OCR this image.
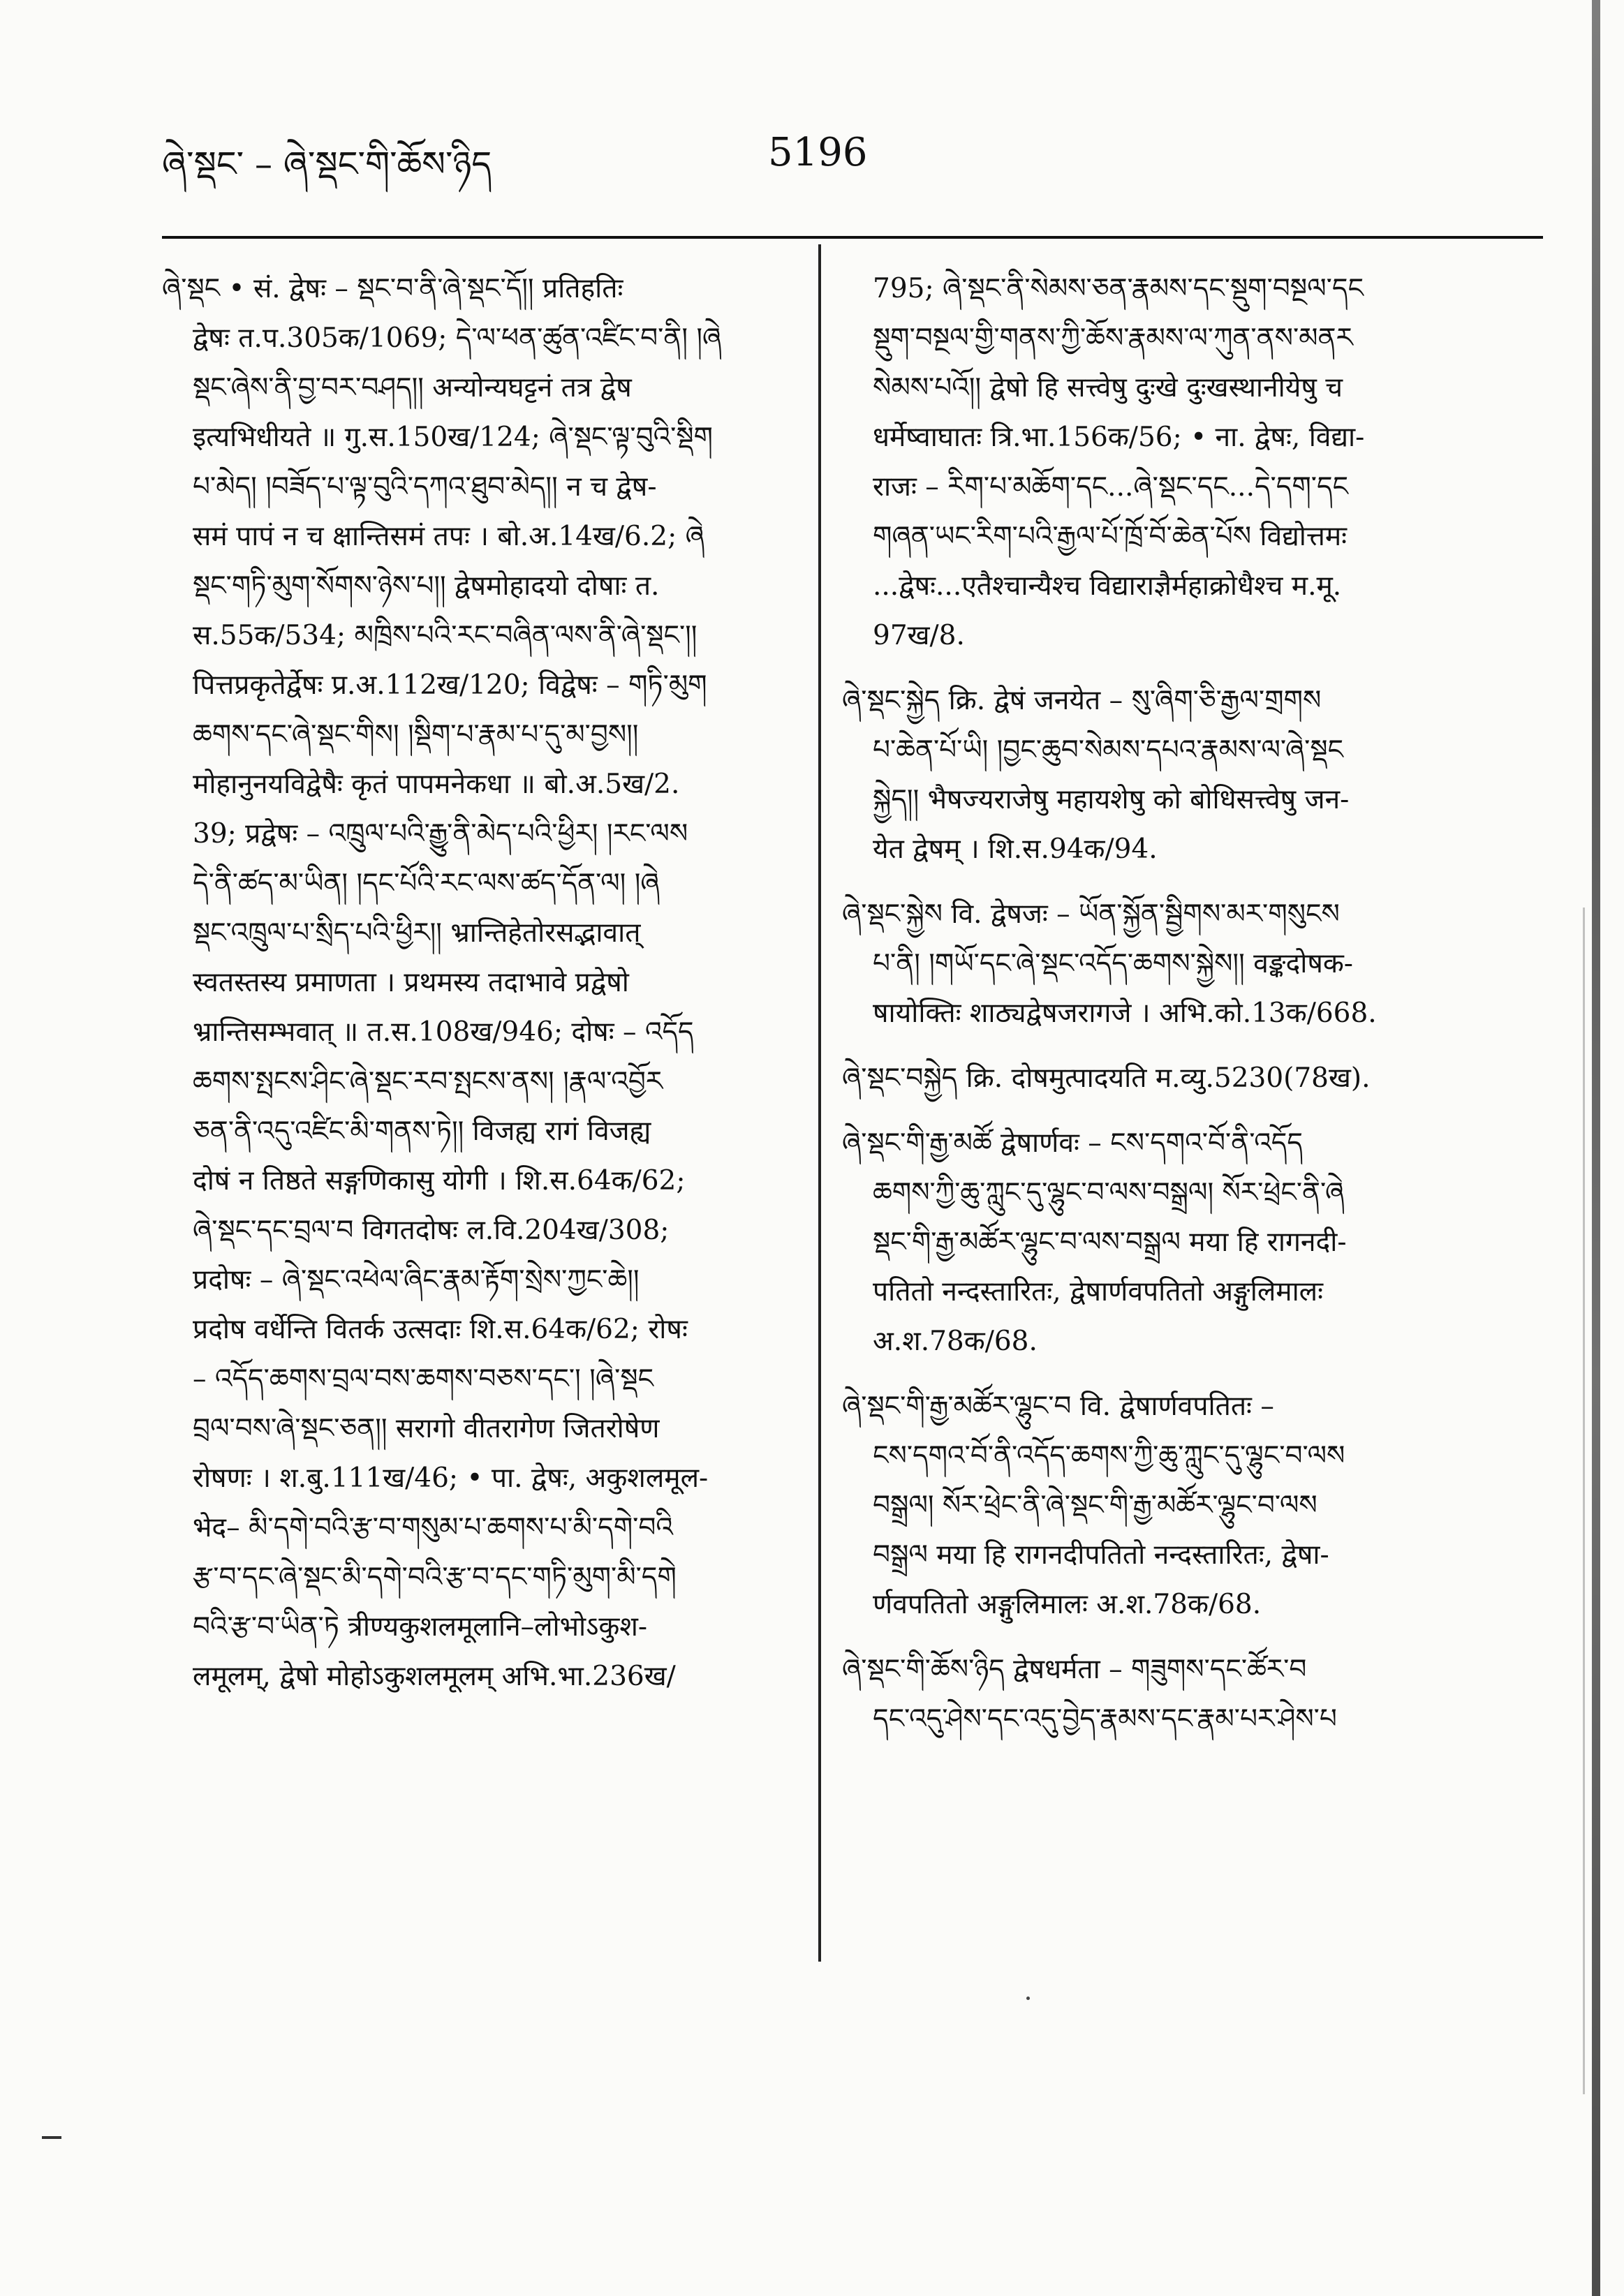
ཞེ་སྡང་ – ཞེ་སྡང་གི་ཆོས་ཉིད	5196
ཞེ་སྡང • सं. द्वेषः – སྡང་བ་ནི་ཞེ་སྡང་དོ།། प्रतिहतिः
द्वेषः त.प.305क/1069; དེ་ལ་ཕན་ཚུན་འཛིང་བ་ནི། །ཞེ
སྡང་ཞེས་ནི་བྱ་བར་བཤད།། अन्योन्यघट्टनं तत्र द्वेष
इत्यभिधीयते ॥ गु.स.150ख/124; ཞེ་སྡང་ལྟ་བུའི་སྡིག
པ་མེད། །བཟོད་པ་ལྟ་བུའི་དཀའ་ཐུབ་མེད།། न च द्वेष-
समं पापं न च क्षान्तिसमं तपः । बो.अ.14ख/6.2; ཞེ
སྡང་གཏི་མུག་སོགས་ཉེས་པ།། द्वेषमोहादयो दोषाः त.
स.55क/534; མཁྲིས་པའི་རང་བཞིན་ལས་ནི་ཞེ་སྡང་།།
पित्तप्रकृतेर्द्वेषः प्र.अ.112ख/120; विद्वेषः – གཏི་མུག
ཆགས་དང་ཞེ་སྡང་གིས། །སྡིག་པ་རྣམ་པ་དུ་མ་བྱས།།
मोहानुनयविद्वेषैः कृतं पापमनेकधा ॥ बो.अ.5ख/2.
39; प्रद्वेषः – འཁྲུལ་པའི་རྒྱུ་ནི་མེད་པའི་ཕྱིར། །རང་ལས
དེ་ནི་ཚད་མ་ཡིན། །དང་པོའི་རང་ལས་ཚད་དོན་ལ། །ཞེ
སྡང་འཁྲུལ་པ་སྲིད་པའི་ཕྱིར།། भ्रान्तिहेतोरसद्भावात्
स्वतस्तस्य प्रमाणता । प्रथमस्य तदाभावे प्रद्वेषो
भ्रान्तिसम्भवात् ॥ त.स.108ख/946; दोषः – འདོད
ཆགས་སྤངས་ཤིང་ཞེ་སྡང་རབ་སྤངས་ནས། །རྣལ་འབྱོར
ཅན་ནི་འདུ་འཛིང་མི་གནས་ཏེ།། विजह्य रागं विजह्य
दोषं न तिष्ठते सङ्गणिकासु योगी । शि.स.64क/62;
ཞེ་སྡང་དང་བྲལ་བ विगतदोषः ल.वि.204ख/308;
प्रदोषः – ཞེ་སྡང་འཕེལ་ཞིང་རྣམ་རྟོག་སྲེས་ཀྱང་ཆེ།།
प्रदोष वर्धेन्ति वितर्क उत्सदाः शि.स.64क/62; रोषः
– འདོད་ཆགས་བྲལ་བས་ཆགས་བཅས་དང་། །ཞེ་སྡང
བྲལ་བས་ཞེ་སྡང་ཅན།། सरागो वीतरागेण जितरोषेण
रोषणः । श.बु.111ख/46; • पा. द्वेषः, अकुशलमूल-
भेद– མི་དགེ་བའི་རྩ་བ་གསུམ་པ་ཆགས་པ་མི་དགེ་བའི
རྩ་བ་དང་ཞེ་སྡང་མི་དགེ་བའི་རྩ་བ་དང་གཏི་མུག་མི་དགེ
བའི་རྩ་བ་ཡིན་ཏེ त्रीण्यकुशलमूलानि–लोभोऽकुश-
लमूलम्, द्वेषो मोहोऽकुशलमूलम् अभि.भा.236ख/
795; ཞེ་སྡང་ནི་སེམས་ཅན་རྣམས་དང་སྡུག་བསྔལ་དང
སྡུག་བསྔལ་གྱི་གནས་ཀྱི་ཆོས་རྣམས་ལ་ཀུན་ནས་མནར
སེམས་པའོ།། द्वेषो हि सत्त्वेषु दुःखे दुःखस्थानीयेषु च
धर्मेष्वाघातः त्रि.भा.156क/56; • ना. द्वेषः, विद्या-
राजः – རིག་པ་མཆོག་དང...ཞེ་སྡང་དང...དེ་དག་དང
གཞན་ཡང་རིག་པའི་རྒྱལ་པོ་ཁྲོ་བོ་ཆེན་པོས विद्योत्तमः
...द्वेषः...एतैश्चान्यैश्च विद्याराज्ञैर्महाक्रोधैश्च म.मू.
97ख/8.
ཞེ་སྡང་སྐྱེད क्रि. द्वेषं जनयेत – སུ་ཞིག་ཅི་རྒྱལ་གྲགས
པ་ཆེན་པོ་ཡི། །བྱང་ཆུབ་སེམས་དཔའ་རྣམས་ལ་ཞེ་སྡང
སྐྱེད།། भैषज्यराजेषु महायशेषु को बोधिसत्त्वेषु जन-
येत द्वेषम् । शि.स.94क/94.
ཞེ་སྡང་སྐྱེས वि. द्वेषजः – ཡོན་སྐྱོན་སྦྱིགས་མར་གསུངས
པ་ནི། །གཡོ་དང་ཞེ་སྡང་འདོད་ཆགས་སྐྱེས།། वङ्कदोषक-
षायोक्तिः शाठ्यद्वेषजरागजे । अभि.को.13क/668.
ཞེ་སྡང་བསྐྱེད क्रि. दोषमुत्पादयति म.व्यु.5230(78ख).
ཞེ་སྡང་གི་རྒྱ་མཚོ द्वेषार्णवः – ངས་དགའ་བོ་ནི་འདོད
ཆགས་ཀྱི་ཆུ་ཀླུང་དུ་ལྷུང་བ་ལས་བསྒྲལ། སོར་ཕྲེང་ནི་ཞེ
སྡང་གི་རྒྱ་མཚོར་ལྷུང་བ་ལས་བསྒྲལ मया हि रागनदी-
पतितो नन्दस्तारितः, द्वेषार्णवपतितो अङ्गुलिमालः
अ.श.78क/68.
ཞེ་སྡང་གི་རྒྱ་མཚོར་ལྷུང་བ वि. द्वेषार्णवपतितः –
ངས་དགའ་བོ་ནི་འདོད་ཆགས་ཀྱི་ཆུ་ཀླུང་དུ་ལྷུང་བ་ལས
བསྒྲལ། སོར་ཕྲེང་ནི་ཞེ་སྡང་གི་རྒྱ་མཚོར་ལྷུང་བ་ལས
བསྒྲལ मया हि रागनदीपतितो नन्दस्तारितः, द्वेषा-
र्णवपतितो अङ्गुलिमालः अ.श.78क/68.
ཞེ་སྡང་གི་ཆོས་ཉིད द्वेषधर्मता – གཟུགས་དང་ཚོར་བ
དང་འདུ་ཤེས་དང་འདུ་བྱེད་རྣམས་དང་རྣམ་པར་ཤེས་པ
